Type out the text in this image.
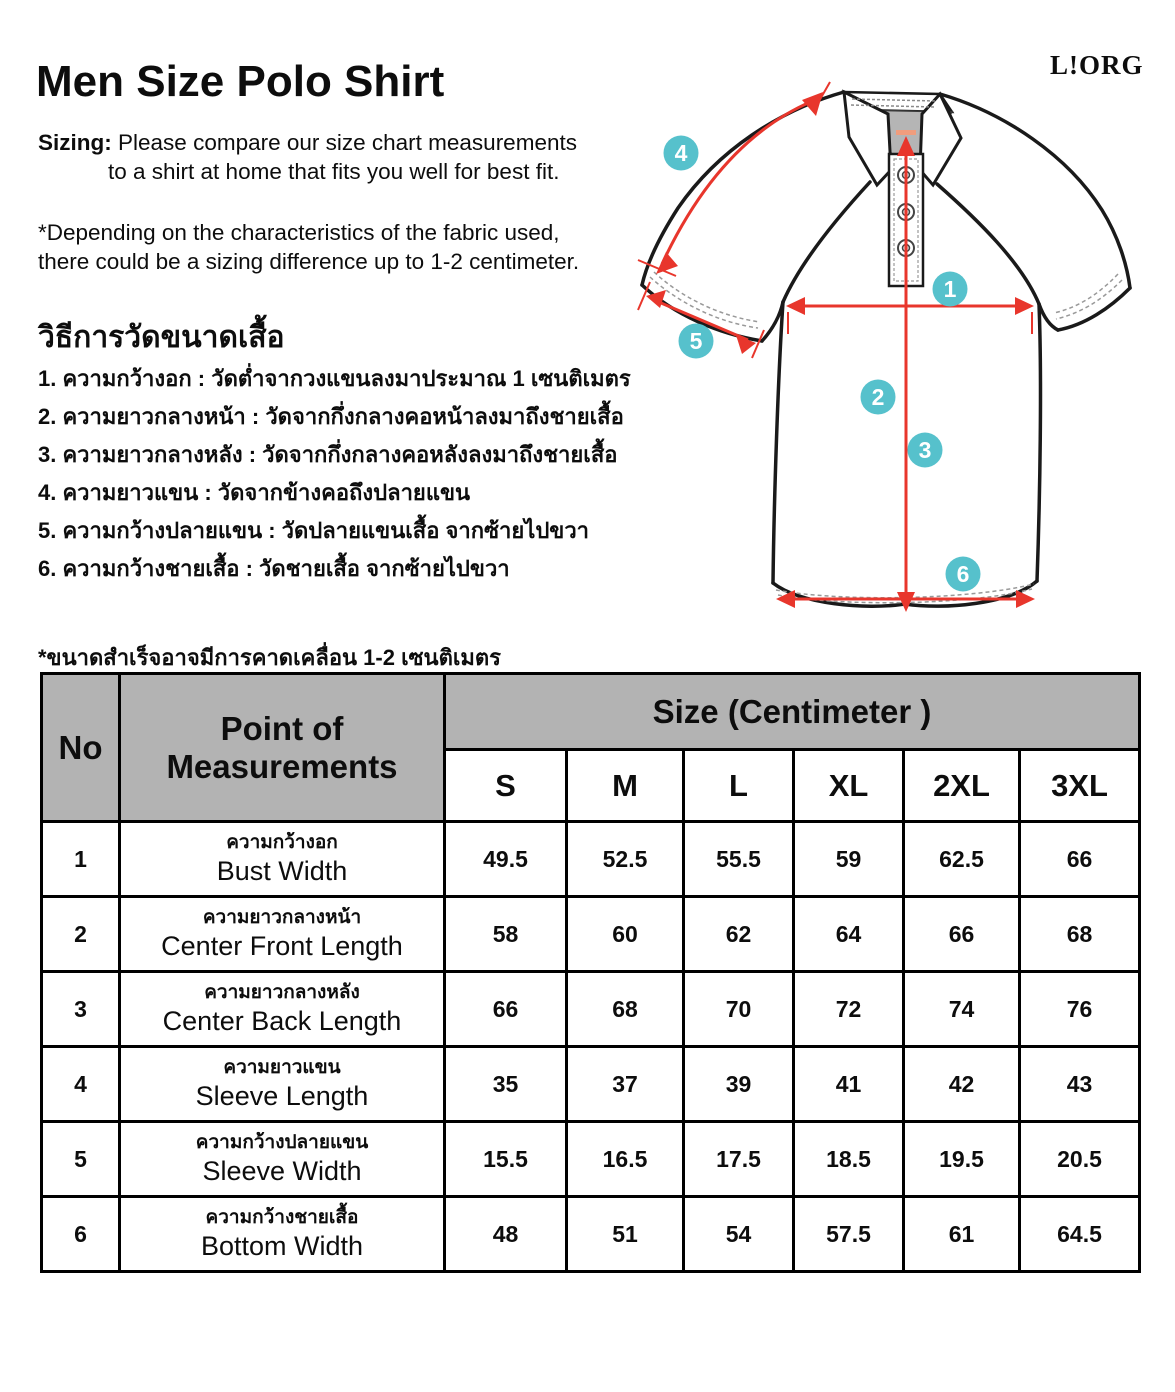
Men Size Polo Shirt	L!ORG
Sizing: Please compare our size chart measurements
to a shirt at home that fits you well for best fit.
*Depending on the characteristics of the fabric used,
there could be a sizing difference up to 1-2 centimeter.
วิธีการวัดขนาดเสื้อ
1. ความกว้างอก : วัดต่ำจากวงแขนลงมาประมาณ 1 เซนติเมตร
2. ความยาวกลางหน้า : วัดจากกึ่งกลางคอหน้าลงมาถึงชายเสื้อ
3. ความยาวกลางหลัง : วัดจากกึ่งกลางคอหลังลงมาถึงชายเสื้อ
4. ความยาวแขน : วัดจากข้างคอถึงปลายแขน
5. ความกว้างปลายแขน : วัดปลายแขนเสื้อ จากซ้ายไปขวา
6. ความกว้างชายเสื้อ : วัดชายเสื้อ จากซ้ายไปขวา
*ขนาดสำเร็จอาจมีการคาดเคลื่อน 1-2 เซนติเมตร
1
2
3
4
5
6
No	Point of Measurements	Size (Centimeter )					
		S	M	L	XL	2XL	3XL
1	ความกว้างอก
Bust Width	49.5	52.5	55.5	59	62.5	66
2	ความยาวกลางหน้า
Center Front Length	58	60	62	64	66	68
3	ความยาวกลางหลัง
Center Back Length	66	68	70	72	74	76
4	ความยาวแขน
Sleeve Length	35	37	39	41	42	43
5	ความกว้างปลายแขน
Sleeve Width	15.5	16.5	17.5	18.5	19.5	20.5
6	ความกว้างชายเสื้อ
Bottom Width	48	51	54	57.5	61	64.5
